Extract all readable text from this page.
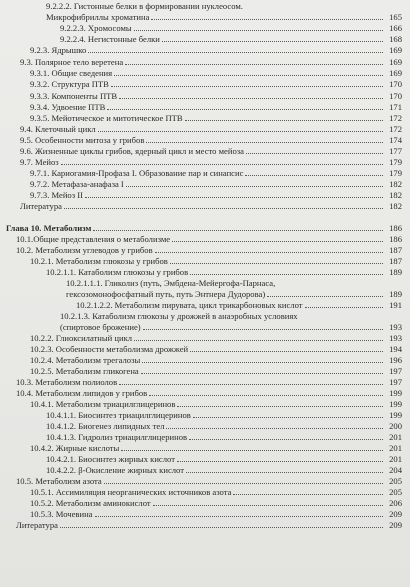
9.2.2.2. Гистонные белки в формировании нуклеосом.
Микрофибриллы хроматина	165
9.2.2.3. Хромосомы	166
9.2.2.4. Негистонные белки	168
9.2.3. Ядрышко	169
9.3. Полярное тело веретена	169
9.3.1. Общие сведения	169
9.3.2. Структура ПТВ	170
9.3.3. Компоненты ПТВ	170
9.3.4. Удвоение ПТВ	171
9.3.5. Мейотическое и митотическое ПТВ	172
9.4. Клеточный цикл	172
9.5. Особенности митоза у грибов	174
9.6. Жизненные циклы грибов, ядерный цикл и место мейоза	177
9.7. Мейоз	179
9.7.1. Кариогамия-Профаза I. Образование пар и синапсис	179
9.7.2. Метафаза-анафаза I	182
9.7.3. Мейоз II	182
Литература	182
Глава 10. Метаболизм	186
10.1.Общие представления о метаболизме	186
10.2. Метаболизм углеводов у грибов	187
10.2.1. Метаболизм глюкозы у грибов	187
10.2.1.1. Катаболизм глюкозы у грибов	189
10.2.1.1.1. Гликолиз (путь, Эмбдена-Мейергофа-Парнаса,
гексозомонофосфатный путь, путь Энтнера Дудорова)	189
10.2.1.2.2. Метаболизм пирувата, цикл трикарбоновых кислот	191
10.2.1.3. Катаболизм глюкозы у дрожжей в анаэробных условиях
(спиртовое брожение)	193
10.2.2. Глиоксилатный цикл	193
10.2.3. Особенности метаболизма дрожжей	194
10.2.4. Метаболизм трегалозы	196
10.2.5. Метаболизм гликогена	197
10.3. Метаболизм полиолов	197
10.4. Метаболизм липидов у грибов	199
10.4.1. Метаболизм триацилглицеринов	199
10.4.1.1. Биосинтез триацилглицеринов	199
10.4.1.2. Биогенез липидных тел	200
10.4.1.3. Гидролиз триацилглицеринов	201
10.4.2. Жирные кислоты	201
10.4.2.1. Биосинтез жирных кислот	201
10.4.2.2. β-Окисление жирных кислот	204
10.5. Метаболизм азота	205
10.5.1. Ассимиляция неорганических источников азота	205
10.5.2. Метаболизм аминокислот	206
10.5.3. Мочевина	209
Литература	209
